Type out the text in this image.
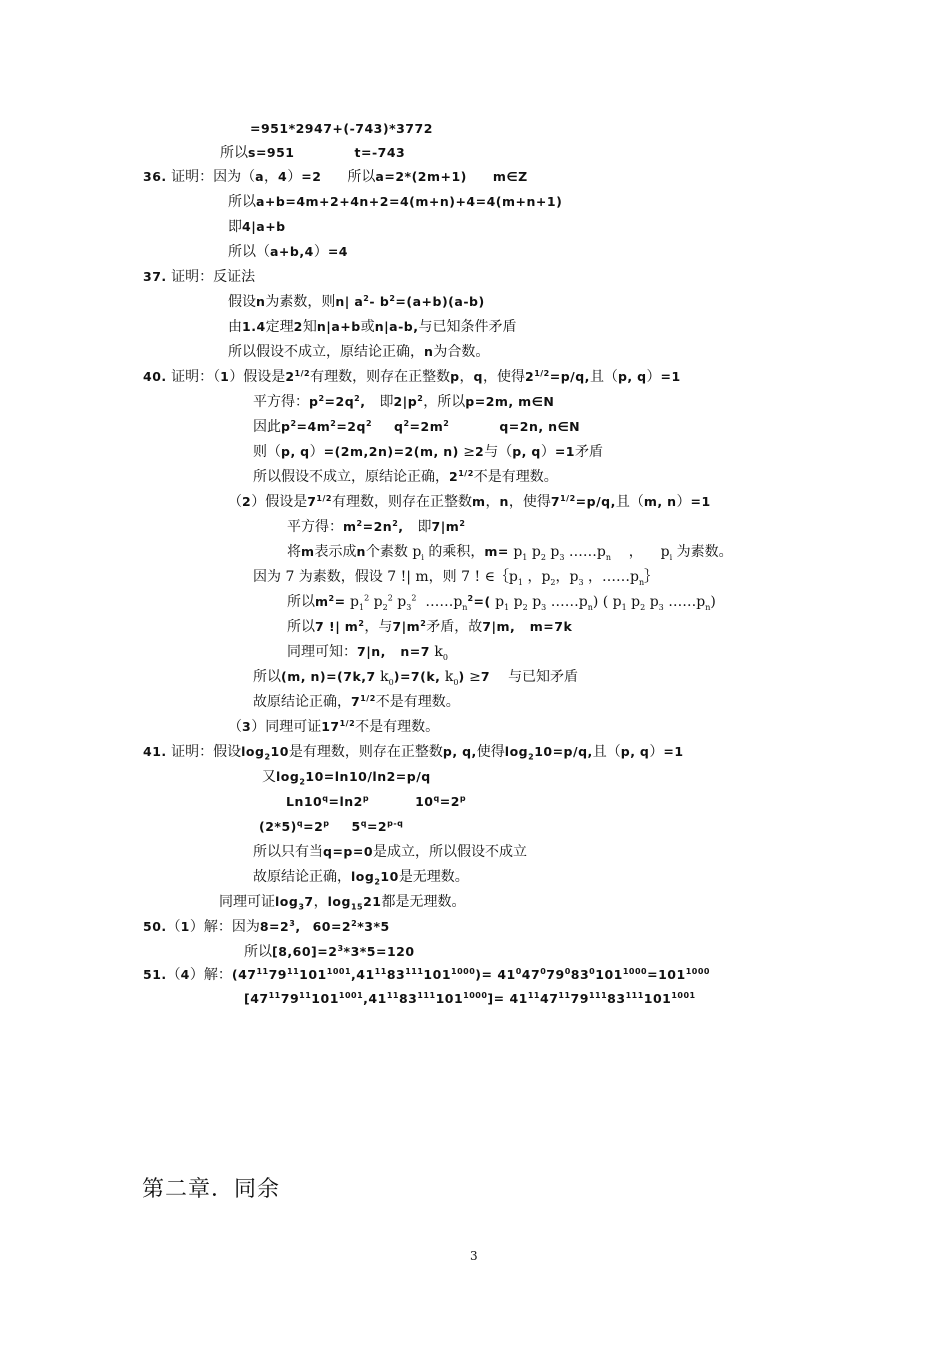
=951*2947+(-743)*3772
所以s=951	t=-743
36. 证明：因为（a，4）=2 所以a=2*(2m+1) m∈Z
所以a+b=4m+2+4n+2=4(m+n)+4=4(m+n+1)
即4|a+b
所以（a+b,4）=4
37. 证明：反证法
假设n为素数，则n| $a^2-$ $b^2=(a+b)(a-b)$
由1.4定理2知n|a+b或n|a-b,与已知条件矛盾
所以假设不成立，原结论正确，n为合数。
40. 证明：（1）假设是$2^{1/2}$有理数，则存在正整数p，q，使得$2^{1/2}=p/q$,且（p, q）=1
平方得：$p^2=2q^2$, 即$2|p^2$，所以p=2m, m∈N
因此$p^2=4m^2=2q^2$ $q^2=2m^2$	q=2n, n∈N
则（p, q）=(2m,2n)=2(m, n) ≥2与（p, q）=1矛盾
所以假设不成立，原结论正确，$2^{1/2}$不是有理数。
（2）假设是$7^{1/2}$有理数，则存在正整数m，n，使得$7^{1/2}=p/q$,且（m, n）=1
平方得：$m^2=2n^2$, 即$7|m^2$
将m表示成n个素数 $p_i$ 的乘积，$m= p_1$ $p_2$ $p_3$ $\dots\dots p_n$    ，    $p_i$ 为素数。
因为 7 为素数，假设 7 !| m，则 7 ! $\in\{p_1$ ，$p_2$，$p_3$ ，$\dots\dots p_n\}$
所以$m^2= p_1^2$ $p_2^2$ $p_3^2$  $\dots\dots p_n^2=$( $p_1$ $p_2$ $p_3$ $\dots\dots p_n$) ( $p_1$ $p_2$ $p_3$ $\dots\dots p_n$)
所以7 !| $m^2$，与$7|m^2$矛盾，故7|m, m=7k
同理可知：7|n, n=7 $k_0$
所以(m, n)=(7k,7 $k_0)=7(k$, $k_0) \ge 7$ 与已知矛盾
故原结论正确，$7^{1/2}$不是有理数。
（3）同理可证$17^{1/2}$不是有理数。
41. 证明：假设$\log_210$是有理数，则存在正整数p, q,使得$\log_210=p/q$,且（p, q）=1
又$\log_210=\ln 10/\ln 2=p/q$
$Ln10^q=\ln 2^p$	$10^q=2^p$
$(2*5)^q=2^p$ $5^q=2^{p-q}$
所以只有当q=p=0是成立，所以假设不成立
故原结论正确，$\log_210$是无理数。
同理可证$\log_37$，$\log_{15}21$都是无理数。
50.（1）解：因为$8=2^3$, $60=2^2*3*5$
所以$[8,60]=2^3*3*5=120$
51.（4）解：$(47^{11}79^{11}101^{1001},41^{11}83^{111}101^{1000})= 41^047^079^083^0101^{1000}=101^{1000}$
$[47^{11}79^{11}101^{1001},41^{11}83^{111}101^{1000}]= 41^{11}47^{11}79^{111}83^{111}101^{1001}$
第二章．同余
3
